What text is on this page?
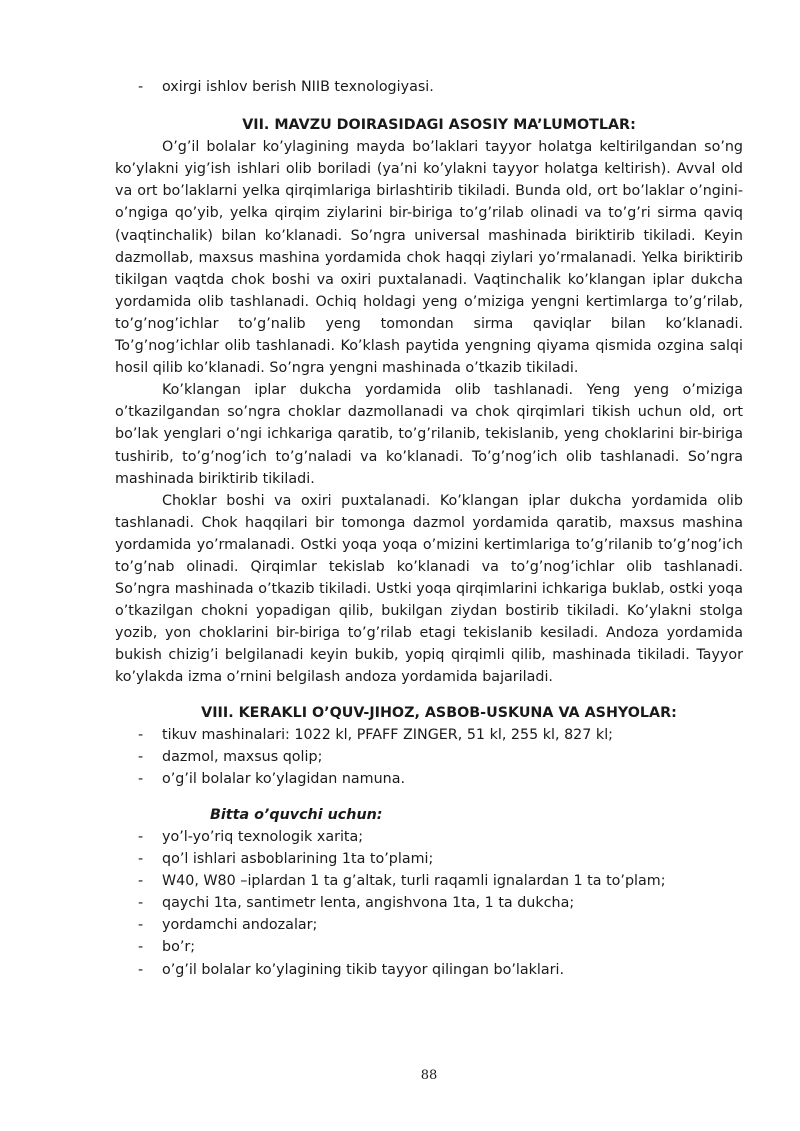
- oxirgi ishlov berish NIIB texnologiyasi.
VII. MAVZU DOIRASIDAGI ASOSIY MA’LUMOTLAR:

O’g’il bolalar ko’ylagining mayda bo’laklari tayyor holatga keltirilgandan so’ng ko’ylakni yig’ish ishlari olib boriladi (ya’ni ko’ylakni tayyor holatga keltirish). Avval old va ort bo’laklarni yelka qirqimlariga birlashtirib tikiladi. Bunda old, ort bo’laklar o’ngini-o’ngiga qo’yib, yelka qirqim ziylarini bir-biriga to’g’rilab olinadi va to’g’ri sirma qaviq (vaqtinchalik) bilan ko’klanadi. So’ngra universal mashinada biriktirib tikiladi. Keyin dazmollab, maxsus mashina yordamida chok haqqi ziylari yo’rmalanadi. Yelka biriktirib tikilgan vaqtda chok boshi va oxiri puxtalanadi. Vaqtinchalik ko’klangan iplar dukcha yordamida olib tashlanadi. Ochiq holdagi yeng o’miziga yengni kertimlarga to’g’rilab, to’g’nog’ichlar to’g’nalib yeng tomondan sirma qaviqlar bilan ko’klanadi. To’g’nog’ichlar olib tashlanadi. Ko’klash paytida yengning qiyama qismida ozgina salqi hosil qilib ko’klanadi. So’ngra yengni mashinada o’tkazib tikiladi.

Ko’klangan iplar dukcha yordamida olib tashlanadi. Yeng yeng o’miziga o’tkazilgandan so’ngra choklar dazmollanadi va chok qirqimlari tikish uchun old, ort bo’lak yenglari o’ngi ichkariga qaratib, to’g’rilanib, tekislanib, yeng choklarini bir-biriga tushirib, to’g’nog’ich to’g’naladi va ko’klanadi. To’g’nog’ich olib tashlanadi. So’ngra mashinada biriktirib tikiladi.

Choklar boshi va oxiri puxtalanadi. Ko’klangan iplar dukcha yordamida olib tashlanadi. Chok haqqilari bir tomonga dazmol yordamida qaratib, maxsus mashina yordamida yo’rmalanadi. Ostki yoqa yoqa o’mizini kertimlariga to’g’rilanib to’g’nog’ich to’g’nab olinadi. Qirqimlar tekislab ko’klanadi va to’g’nog’ichlar olib tashlanadi. So’ngra mashinada o’tkazib tikiladi. Ustki yoqa qirqimlarini ichkariga buklab, ostki yoqa o’tkazilgan chokni yopadigan qilib, bukilgan ziydan bostirib tikiladi. Ko’ylakni stolga yozib, yon choklarini bir-biriga to’g’rilab etagi tekislanib kesiladi. Andoza yordamida bukish chizig’i belgilanadi keyin bukib, yopiq qirqimli qilib, mashinada tikiladi. Tayyor ko’ylakda izma o’rnini belgilash andoza yordamida bajariladi.

VIII. KERAKLI O’QUV-JIHOZ, ASBOB-USKUNA VA ASHYOLAR:
- tikuv mashinalari: 1022 kl, PFAFF ZINGER, 51 kl, 255 kl, 827 kl;
- dazmol, maxsus qolip;
- o’g’il bolalar ko’ylagidan namuna.
Bitta o’quvchi uchun:
- yo’l-yo’riq texnologik xarita;
- qo’l ishlari asboblarining 1ta to’plami;
- W40, W80 –iplardan 1 ta g’altak, turli raqamli ignalardan 1 ta to’plam;
- qaychi 1ta, santimetr lenta, angishvona 1ta, 1 ta dukcha;
- yordamchi andozalar;
- bo’r;
- o’g’il bolalar ko’ylagining tikib tayyor qilingan bo’laklari.
88
